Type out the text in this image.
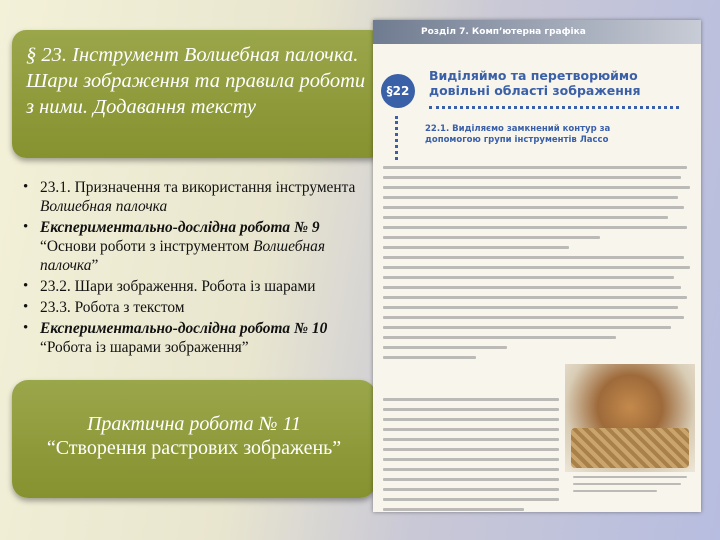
§ 23. Інструмент Волшебная палочка. Шари зображення та правила роботи з ними. Додавання тексту

• 23.1. Призначення та використання інструмента Волшебная палочка
• Експериментально-дослідна робота № 9 “Основи роботи з інструментом Волшебная палочка”
• 23.2. Шари зображення. Робота із шарами
• 23.3. Робота з текстом
• Експериментально-дослідна робота № 10 “Робота із шарами зображення”
Практична робота № 11
“Створення растрових зображень”
Розділ 7. Комп’ютерна графіка
§22
Виділяймо та перетворюймо довільні області зображення
22.1. Виділяємо замкнений контур за допомогою групи інструментів Лассо
